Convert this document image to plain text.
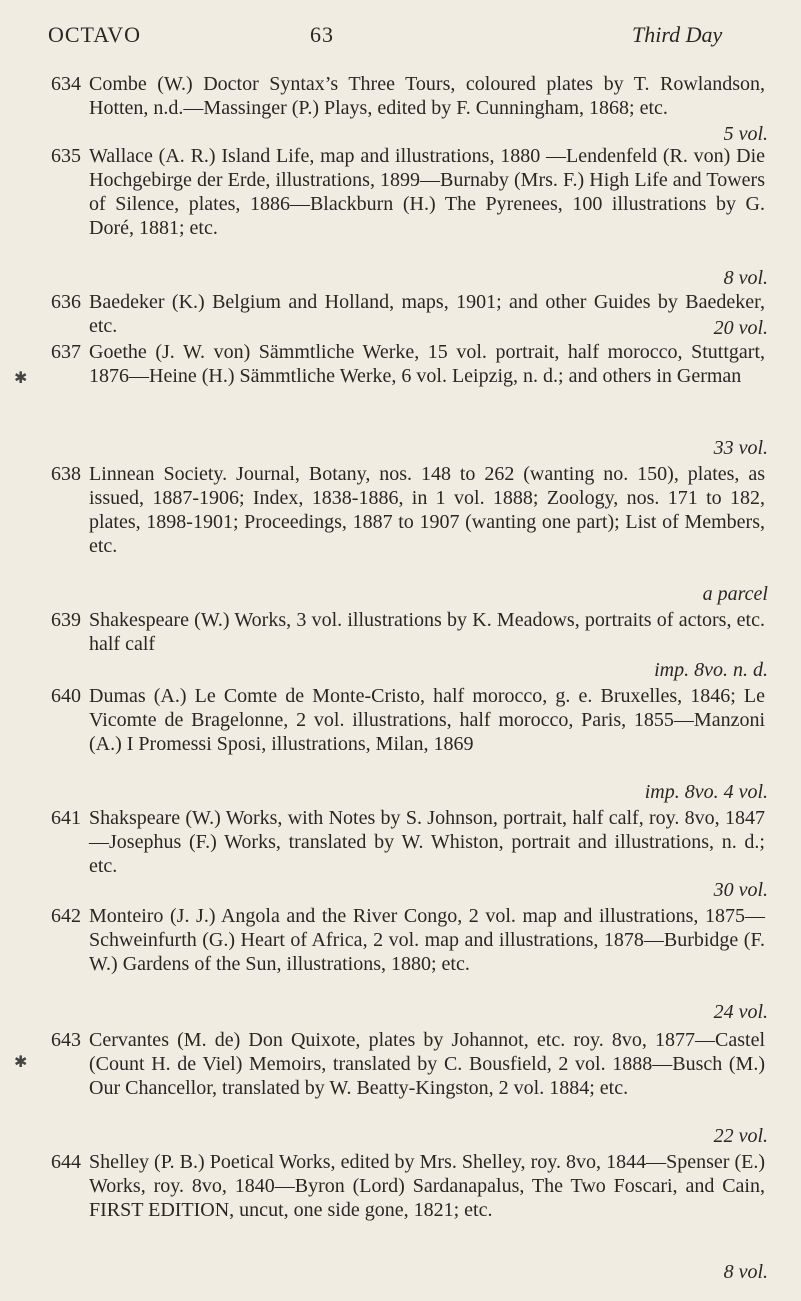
OCTAVO	63	Third Day
634 Combe (W.) Doctor Syntax’s Three Tours, coloured plates by T. Rowlandson, Hotten, n.d.—Massinger (P.) Plays, edited by F. Cunningham, 1868; etc.
5 vol.
635 Wallace (A. R.) Island Life, map and illustrations, 1880 —Lendenfeld (R. von) Die Hochgebirge der Erde, illustrations, 1899—Burnaby (Mrs. F.) High Life and Towers of Silence, plates, 1886—Blackburn (H.) The Pyrenees, 100 illustrations by G. Doré, 1881; etc.
8 vol.
636 Baedeker (K.) Belgium and Holland, maps, 1901; and other Guides by Baedeker, etc.	20 vol.
✱
637 Goethe (J. W. von) Sämmtliche Werke, 15 vol. portrait, half morocco, Stuttgart, 1876—Heine (H.) Sämmtliche Werke, 6 vol. Leipzig, n. d.; and others in German
33 vol.
638 Linnean Society. Journal, Botany, nos. 148 to 262 (wanting no. 150), plates, as issued, 1887-1906; Index, 1838-1886, in 1 vol. 1888; Zoology, nos. 171 to 182, plates, 1898-1901; Proceedings, 1887 to 1907 (wanting one part); List of Members, etc.
a parcel
639 Shakespeare (W.) Works, 3 vol. illustrations by K. Meadows, portraits of actors, etc. half calf
imp. 8vo. n. d.
640 Dumas (A.) Le Comte de Monte-Cristo, half morocco, g. e. Bruxelles, 1846; Le Vicomte de Bragelonne, 2 vol. illustrations, half morocco, Paris, 1855—Manzoni (A.) I Promessi Sposi, illustrations, Milan, 1869
imp. 8vo. 4 vol.
641 Shakspeare (W.) Works, with Notes by S. Johnson, portrait, half calf, roy. 8vo, 1847—Josephus (F.) Works, translated by W. Whiston, portrait and illustrations, n. d.; etc.
30 vol.
642 Monteiro (J. J.) Angola and the River Congo, 2 vol. map and illustrations, 1875—Schweinfurth (G.) Heart of Africa, 2 vol. map and illustrations, 1878—Burbidge (F. W.) Gardens of the Sun, illustrations, 1880; etc.
24 vol.
✱
643 Cervantes (M. de) Don Quixote, plates by Johannot, etc. roy. 8vo, 1877—Castel (Count H. de Viel) Memoirs, translated by C. Bousfield, 2 vol. 1888—Busch (M.) Our Chancellor, translated by W. Beatty-Kingston, 2 vol. 1884; etc.
22 vol.
644 Shelley (P. B.) Poetical Works, edited by Mrs. Shelley, roy. 8vo, 1844—Spenser (E.) Works, roy. 8vo, 1840—Byron (Lord) Sardanapalus, The Two Foscari, and Cain, FIRST EDITION, uncut, one side gone, 1821; etc.
8 vol.
